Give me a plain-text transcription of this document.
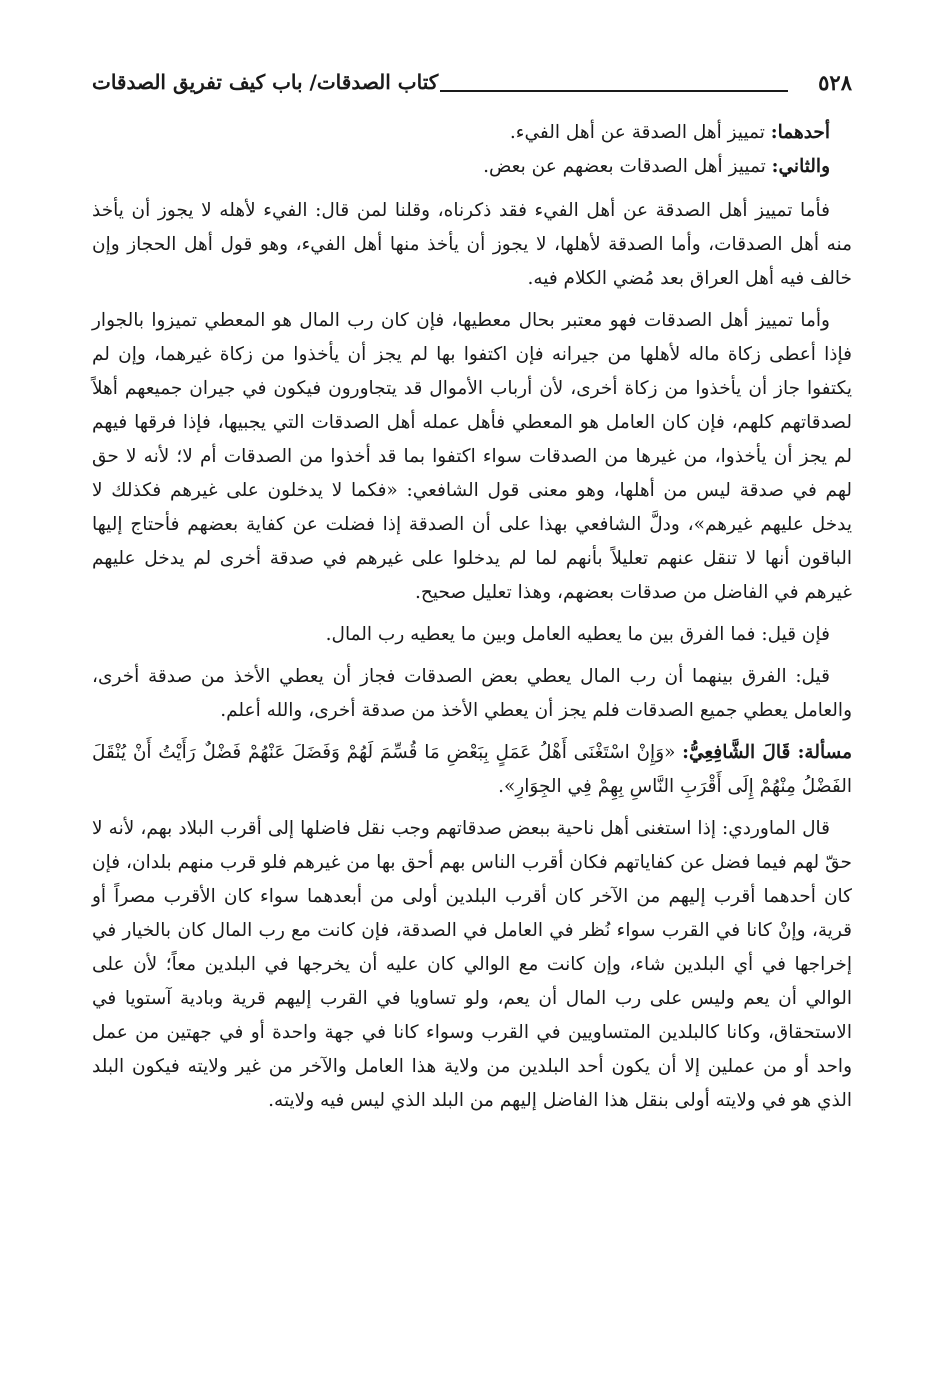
٥٢٨
كتاب الصدقات/ باب كيف تفريق الصدقات

أحدهما: تمييز أهل الصدقة عن أهل الفيء.

والثاني: تمييز أهل الصدقات بعضهم عن بعض.

فأما تمييز أهل الصدقة عن أهل الفيء فقد ذكرناه، وقلنا لمن قال: الفيء لأهله لا يجوز أن يأخذ منه أهل الصدقات، وأما الصدقة لأهلها، لا يجوز أن يأخذ منها أهل الفيء، وهو قول أهل الحجاز وإن خالف فيه أهل العراق بعد مُضي الكلام فيه.

وأما تمييز أهل الصدقات فهو معتبر بحال معطيها، فإن كان رب المال هو المعطي تميزوا بالجوار فإذا أعطى زكاة ماله لأهلها من جيرانه فإن اكتفوا بها لم يجز أن يأخذوا من زكاة غيرهما، وإن لم يكتفوا جاز أن يأخذوا من زكاة أخرى، لأن أرباب الأموال قد يتجاورون فيكون في جيران جميعهم أهلاً لصدقاتهم كلهم، فإن كان العامل هو المعطي فأهل عمله أهل الصدقات التي يجبيها، فإذا فرقها فيهم لم يجز أن يأخذوا، من غيرها من الصدقات سواء اكتفوا بما قد أخذوا من الصدقات أم لا؛ لأنه لا حق لهم في صدقة ليس من أهلها، وهو معنى قول الشافعي: «فكما لا يدخلون على غيرهم فكذلك لا يدخل عليهم غيرهم»، ودلَّ الشافعي بهذا على أن الصدقة إذا فضلت عن كفاية بعضهم فأحتاج إليها الباقون أنها لا تنقل عنهم تعليلاً بأنهم لما لم يدخلوا على غيرهم في صدقة أخرى لم يدخل عليهم غيرهم في الفاضل من صدقات بعضهم، وهذا تعليل صحيح.

فإن قيل: فما الفرق بين ما يعطيه العامل وبين ما يعطيه رب المال.

قيل: الفرق بينهما أن رب المال يعطي بعض الصدقات فجاز أن يعطي الأخذ من صدقة أخرى، والعامل يعطي جميع الصدقات فلم يجز أن يعطي الأخذ من صدقة أخرى، والله أعلم.

مسألة: قَالَ الشَّافِعِيُّ: «وَإِنْ اسْتَغْنَى أَهْلُ عَمَلٍ بِبَعْضِ مَا قُسِّمَ لَهُمْ وَفَضَلَ عَنْهُمْ فَضْلٌ رَأَيْتُ أَنْ يُنْقَلَ الفَضْلُ مِنْهُمْ إِلَى أَقْرَبِ النَّاسِ بِهِمْ فِي الجِوَارِ».

قال الماوردي: إذا استغنى أهل ناحية ببعض صدقاتهم وجب نقل فاضلها إلى أقرب البلاد بهم، لأنه لا حقّ لهم فيما فضل عن كفاياتهم فكان أقرب الناس بهم أحق بها من غيرهم فلو قرب منهم بلدان، فإن كان أحدهما أقرب إليهم من الآخر كان أقرب البلدين أولى من أبعدهما سواء كان الأقرب مصراً أو قرية، وإنْ كانا في القرب سواء نُظر في العامل في الصدقة، فإن كانت مع رب المال كان بالخيار في إخراجها في أي البلدين شاء، وإن كانت مع الوالي كان عليه أن يخرجها في البلدين معاً؛ لأن على الوالي أن يعم وليس على رب المال أن يعم، ولو تساويا في القرب إليهم قرية وبادية آستويا في الاستحقاق، وكانا كالبلدين المتساويين في القرب وسواء كانا في جهة واحدة أو في جهتين من عمل واحد أو من عملين إلا أن يكون أحد البلدين من ولاية هذا العامل والآخر من غير ولايته فيكون البلد الذي هو في ولايته أولى بنقل هذا الفاضل إليهم من البلد الذي ليس فيه ولايته.
